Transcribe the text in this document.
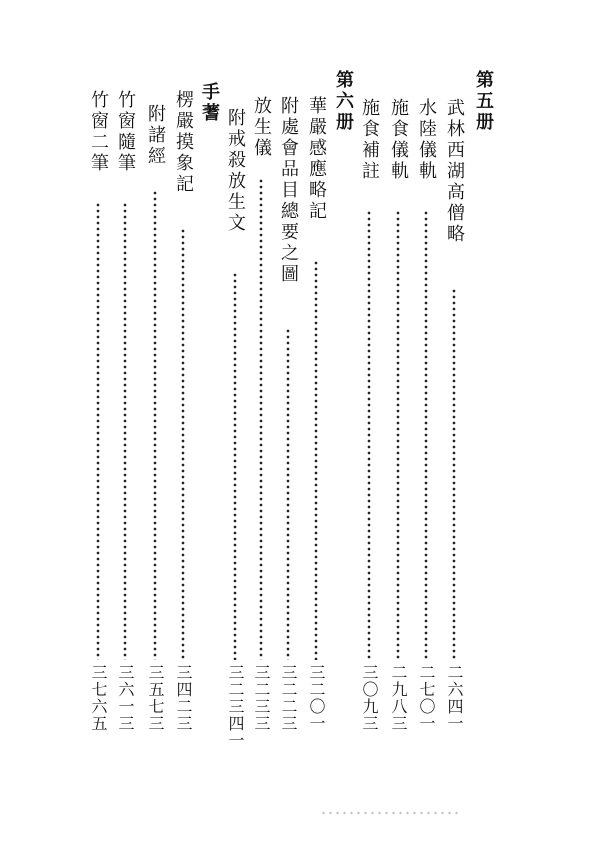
第五册
武林西湖高僧略
二六四一
水陸儀軌
二七〇一
施食儀軌
二九八三
施食補註
三〇九三
第六册
華嚴感應略記
三二〇一
附處會品目總要之圖
三二二三
放生儀
三二三三
附戒殺放生文
三二三四一
手蓍
楞嚴摸象記
三四二三
附諸經
三五七三
竹窗隨筆
三六一三
竹窗二筆
三七六五
